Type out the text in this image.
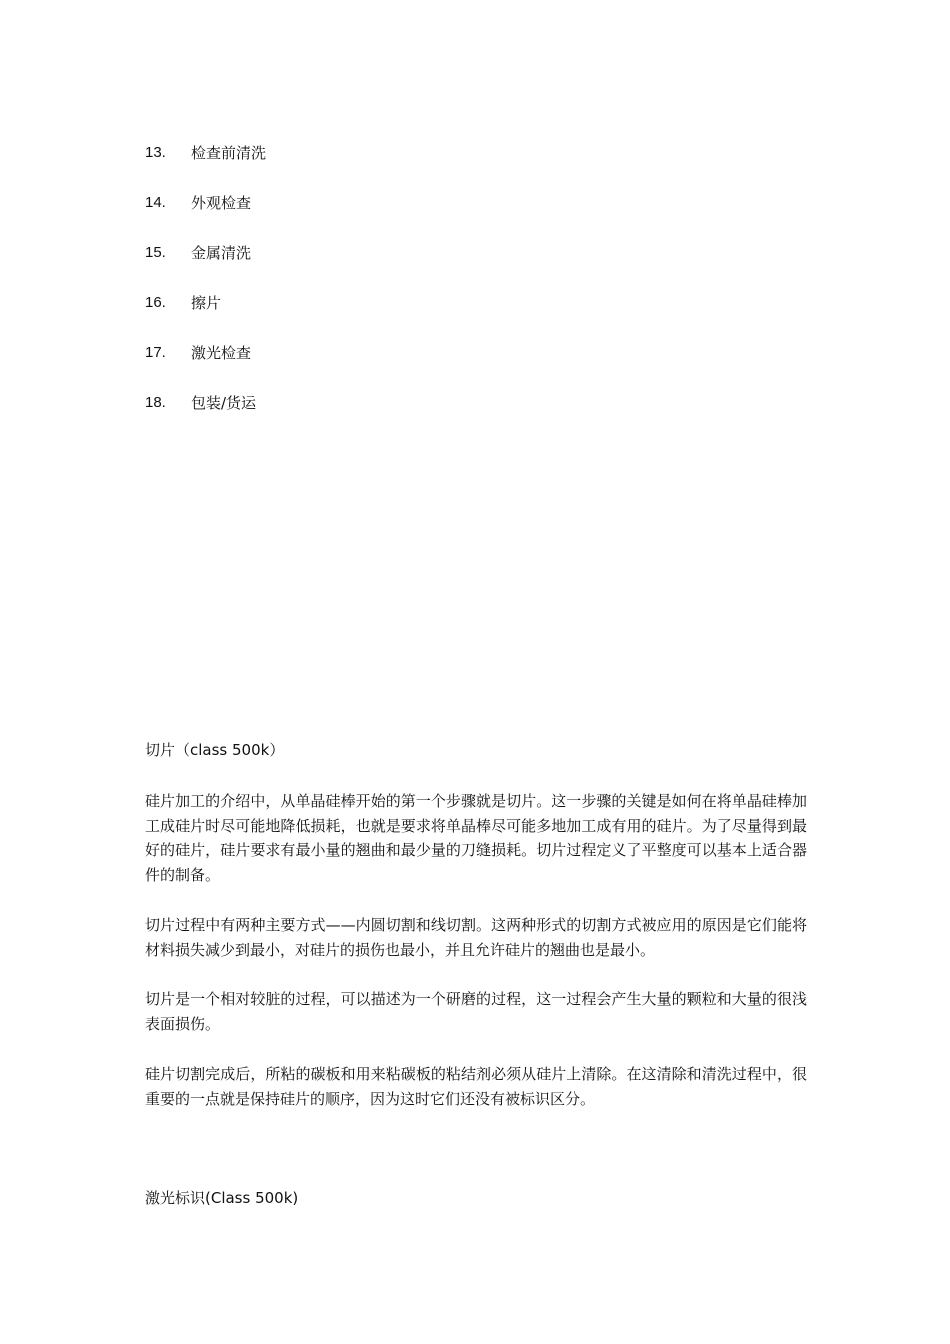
13.	检查前清洗
14.	外观检查
15.	金属清洗
16.	擦片
17.	激光检查
18.	包装/货运
切片（class 500k）

硅片加工的介绍中，从单晶硅棒开始的第一个步骤就是切片。这一步骤的关键是如何在将单晶硅棒加工成硅片时尽可能地降低损耗，也就是要求将单晶棒尽可能多地加工成有用的硅片。为了尽量得到最好的硅片，硅片要求有最小量的翘曲和最少量的刀缝损耗。切片过程定义了平整度可以基本上适合器件的制备。

切片过程中有两种主要方式——内圆切割和线切割。这两种形式的切割方式被应用的原因是它们能将材料损失减少到最小，对硅片的损伤也最小，并且允许硅片的翘曲也是最小。

切片是一个相对较脏的过程，可以描述为一个研磨的过程，这一过程会产生大量的颗粒和大量的很浅表面损伤。

硅片切割完成后，所粘的碳板和用来粘碳板的粘结剂必须从硅片上清除。在这清除和清洗过程中，很重要的一点就是保持硅片的顺序，因为这时它们还没有被标识区分。

激光标识(Class 500k)
